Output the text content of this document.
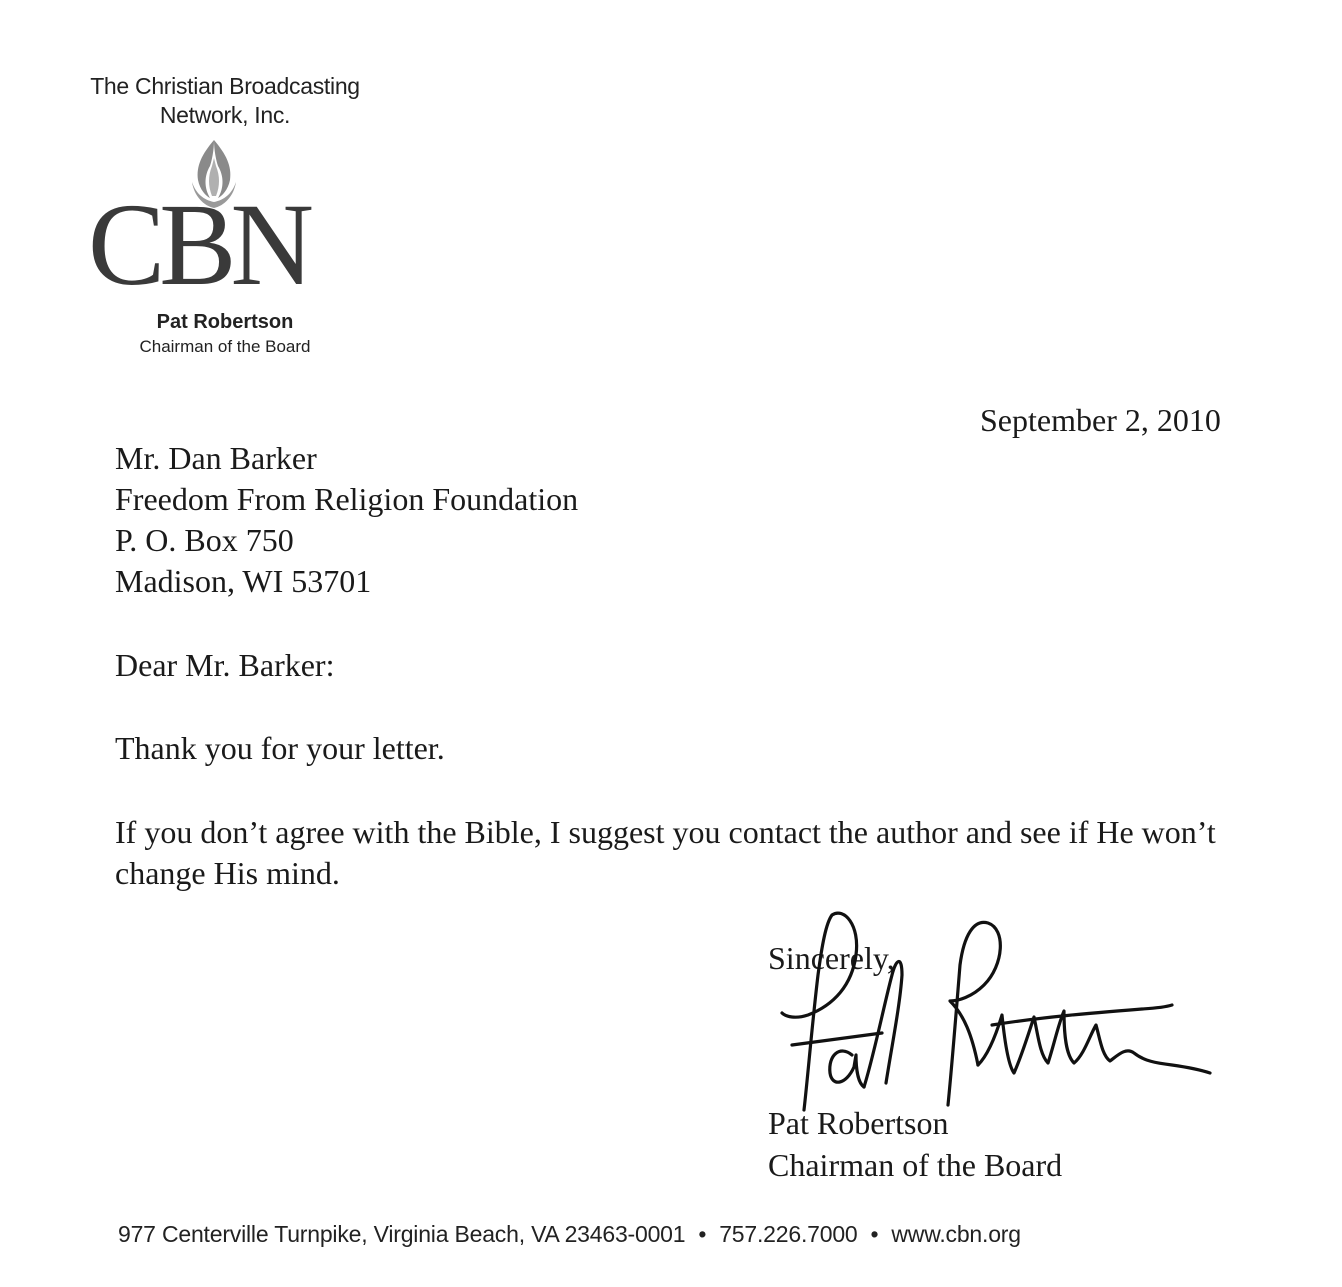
The Christian Broadcasting
Network, Inc.
CBN
Pat Robertson
Chairman of the Board
September 2, 2010
Mr. Dan Barker
Freedom From Religion Foundation
P. O. Box 750
Madison, WI 53701
Dear Mr. Barker:
Thank you for your letter.
If you don’t agree with the Bible, I suggest you contact the author and see if He won’t change His mind.
Sincerely,
Pat Robertson
Chairman of the Board
977 Centerville Turnpike, Virginia Beach, VA 23463-0001 • 757.226.7000 • www.cbn.org
